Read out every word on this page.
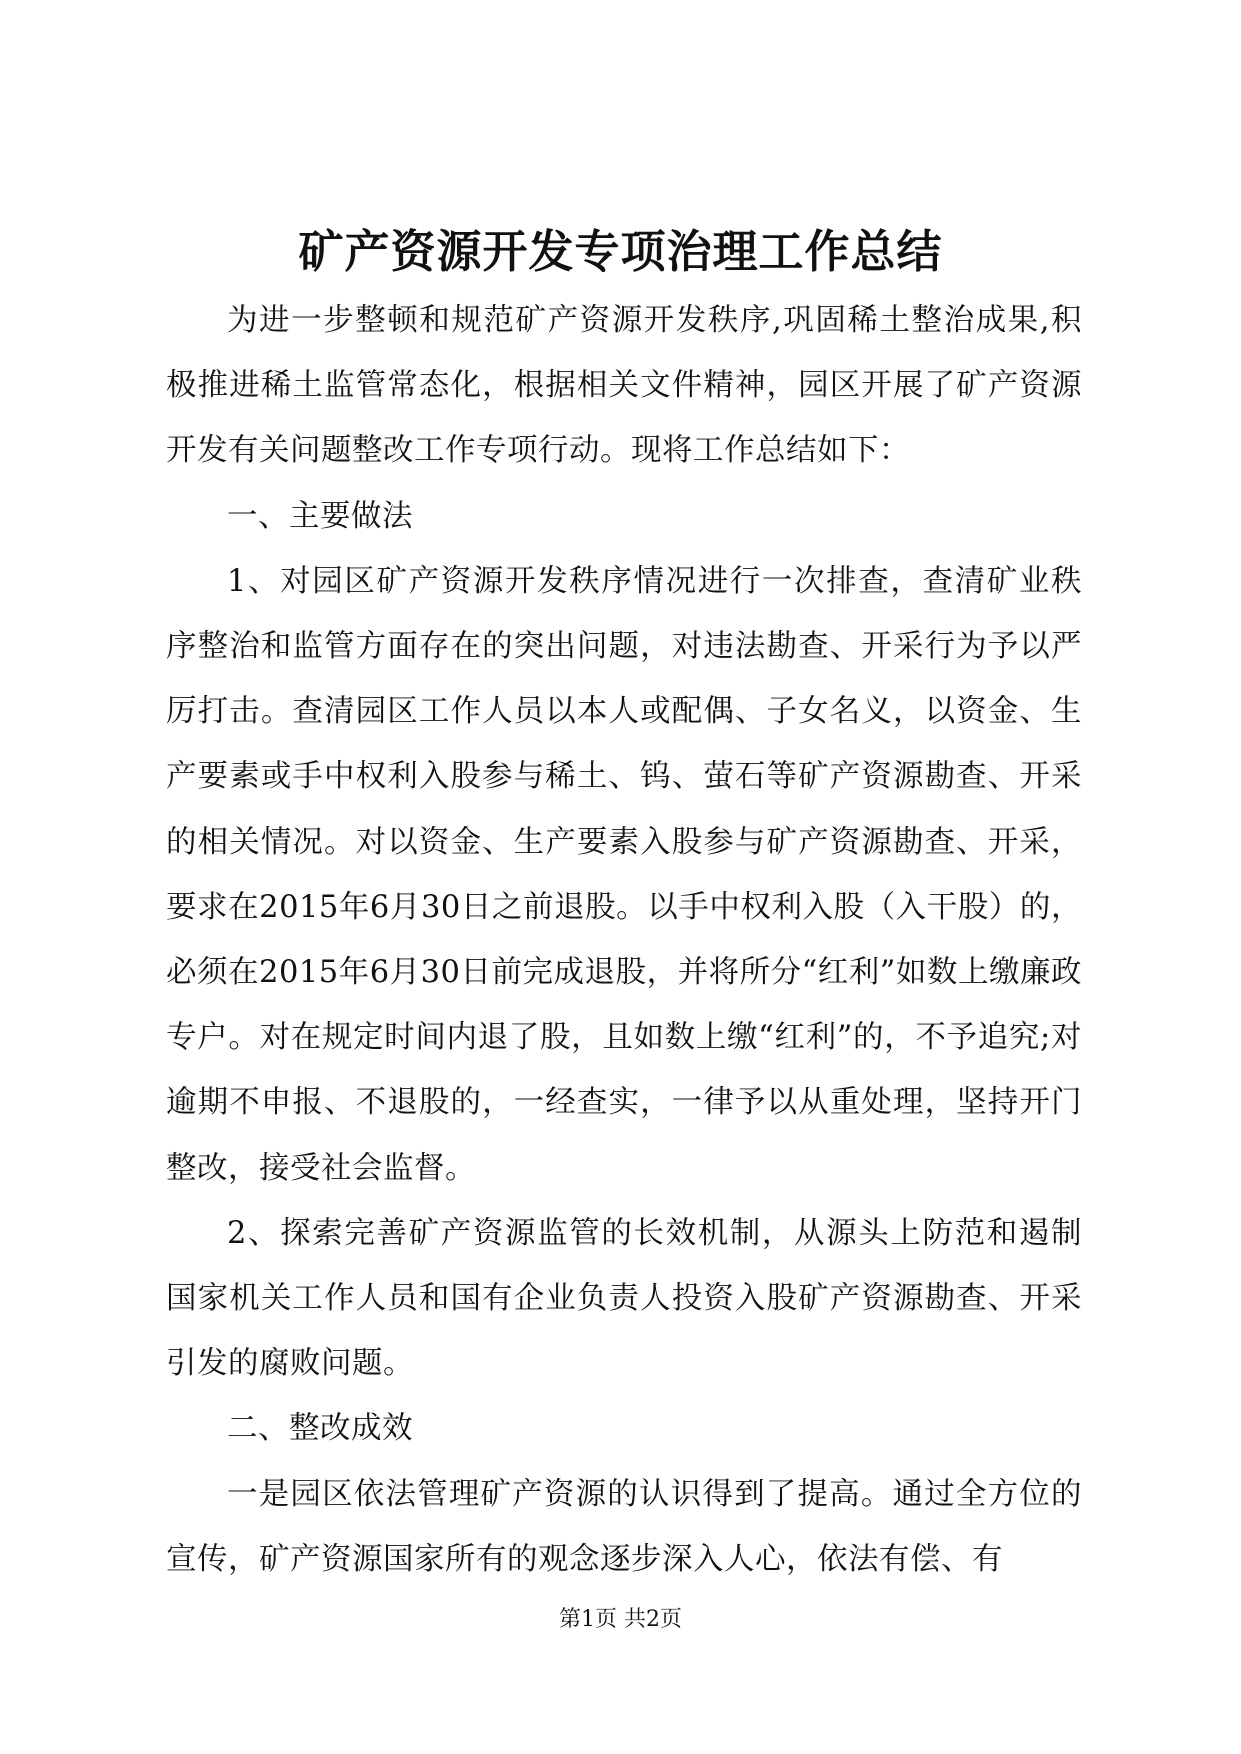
矿产资源开发专项治理工作总结

为进一步整顿和规范矿产资源开发秩序,巩固稀土整治成果,积极推进稀土监管常态化，根据相关文件精神，园区开展了矿产资源开发有关问题整改工作专项行动。现将工作总结如下：

一、主要做法

1、对园区矿产资源开发秩序情况进行一次排查，查清矿业秩序整治和监管方面存在的突出问题，对违法勘查、开采行为予以严厉打击。查清园区工作人员以本人或配偶、子女名义，以资金、生产要素或手中权利入股参与稀土、钨、萤石等矿产资源勘查、开采的相关情况。对以资金、生产要素入股参与矿产资源勘查、开采，要求在2015年6月30日之前退股。以手中权利入股（入干股）的，必须在2015年6月30日前完成退股，并将所分“红利”如数上缴廉政专户。对在规定时间内退了股，且如数上缴“红利”的，不予追究;对逾期不申报、不退股的，一经查实，一律予以从重处理，坚持开门整改，接受社会监督。

2、探索完善矿产资源监管的长效机制，从源头上防范和遏制国家机关工作人员和国有企业负责人投资入股矿产资源勘查、开采引发的腐败问题。

二、整改成效

一是园区依法管理矿产资源的认识得到了提高。通过全方位的宣传，矿产资源国家所有的观念逐步深入人心，依法有偿、有

第1页 共2页
